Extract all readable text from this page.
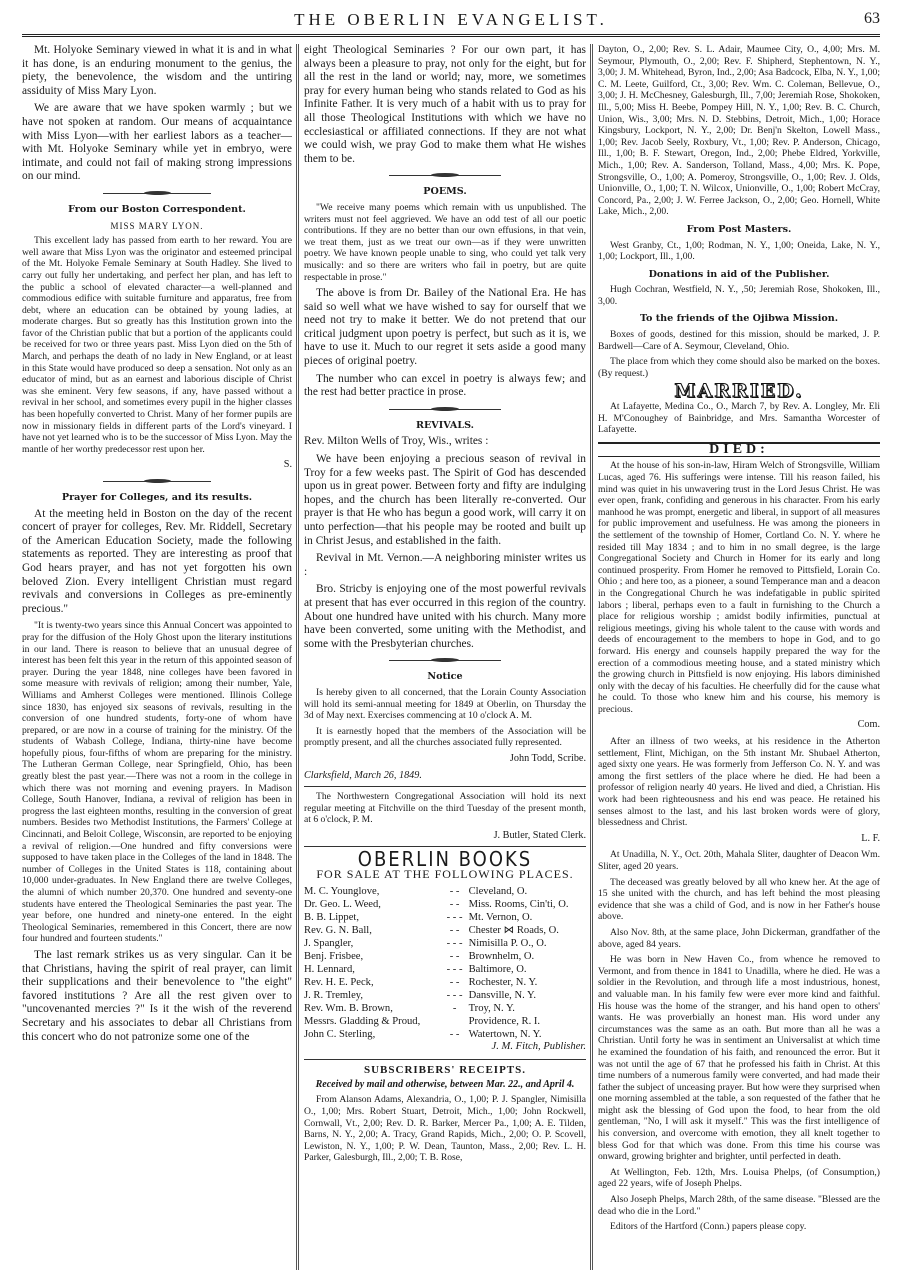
THE OBERLIN EVANGELIST.	63

Mt. Holyoke Seminary viewed in what it is and in what it has done, is an enduring monument to the genius, the piety, the benevolence, the wisdom and the untiring assiduity of Miss Mary Lyon.

We are aware that we have spoken warmly ; but we have not spoken at random. Our means of acquaintance with Miss Lyon—with her earliest labors as a teacher—with Mt. Holyoke Seminary while yet in embryo, were intimate, and could not fail of making strong impressions on our mind.

From our Boston Correspondent.
MISS MARY LYON.

This excellent lady has passed from earth to her reward. You are well aware that Miss Lyon was the originator and esteemed principal of the Mt. Holyoke Female Seminary at South Hadley. She lived to carry out fully her undertaking, and perfect her plan, and has left to the public a school of elevated character—a well-planned and commodious edifice with suitable furniture and apparatus, free from debt, where an education can be obtained by young ladies, at moderate charges. But so greatly has this Institution grown into the favor of the Christian public that but a portion of the applicants could be received for two or three years past. Miss Lyon died on the 5th of March, and perhaps the death of no lady in New England, or at least in this State would have produced so deep a sensation. Not only as an educator of mind, but as an earnest and laborious disciple of Christ was she eminent. Very few seasons, if any, have passed without a revival in her school, and sometimes every pupil in the higher classes has been hopefully converted to Christ. Many of her former pupils are now in missionary fields in different parts of the Lord's vineyard. I have not yet learned who is to be the successor of Miss Lyon. May the mantle of her worthy predecessor rest upon her.

S.
Prayer for Colleges, and its results.

At the meeting held in Boston on the day of the recent concert of prayer for colleges, Rev. Mr. Riddell, Secretary of the American Education Society, made the following statements as reported. They are interesting as proof that God hears prayer, and has not yet forgotten his own beloved Zion. Every intelligent Christian must regard revivals and conversions in Colleges as pre-eminently precious."

"It is twenty-two years since this Annual Concert was appointed to pray for the diffusion of the Holy Ghost upon the literary institutions in our land. There is reason to believe that an unusual degree of interest has been felt this year in the return of this appointed season of prayer. During the year 1848, nine colleges have been favored in some measure with revivals of religion; among their number, Yale, Williams and Amherst Colleges were mentioned. Illinois College since 1830, has enjoyed six seasons of revivals, resulting in the conversion of one hundred students, forty-one of whom have prepared, or are now in a course of training for the ministry. Of the students of Wabash College, Indiana, thirty-nine have become hopefully pious, four-fifths of whom are preparing for the ministry. The Lutheran German College, near Springfield, Ohio, has been greatly blest the past year.—There was not a room in the college in which there was not morning and evening prayers. In Madison College, South Hanover, Indiana, a revival of religion has been in progress the last eighteen months, resulting in the conversion of great numbers. Besides two Methodist Institutions, the Farmers' College at Cincinnati, and Beloit College, Wisconsin, are reported to be enjoying a revival of religion.—One hundred and fifty conversions were supposed to have taken place in the Colleges of the land in 1848. The number of Colleges in the United States is 118, containing about 10,000 under-graduates. In New England there are twelve Colleges, the alumni of which number 20,370. One hundred and seventy-one students have entered the Theological Seminaries the past year. The year before, one hundred and ninety-one entered. In the eight Theological Seminaries, remembered in this Concert, there are now four hundred and fourteen students."

The last remark strikes us as very singular. Can it be that Christians, having the spirit of real prayer, can limit their supplications and their benevolence to "the eight" favored institutions ? Are all the rest given over to "uncovenanted mercies ?" Is it the wish of the reverend Secretary and his associates to debar all Christians from this concert who do not patronize some one of the

eight Theological Seminaries ? For our own part, it has always been a pleasure to pray, not only for the eight, but for all the rest in the land or world; nay, more, we sometimes pray for every human being who stands related to God as his Infinite Father. It is very much of a habit with us to pray for all those Theological Institutions with which we have no ecclesiastical or affiliated connections. If they are not what we could wish, we pray God to make them what He wishes them to be.

POEMS.

"We receive many poems which remain with us unpublished. The writers must not feel aggrieved. We have an odd test of all our poetic contributions. If they are no better than our own effusions, in that vein, we treat them, just as we treat our own—as if they were unwritten poetry. We have known people unable to sing, who could yet talk very musically: and so there are writers who fail in poetry, but are quite respectable in prose."

The above is from Dr. Bailey of the National Era. He has said so well what we have wished to say for ourself that we need not try to make it better. We do not pretend that our critical judgment upon poetry is perfect, but such as it is, we have to use it. Much to our regret it sets aside a good many pieces of original poetry.

The number who can excel in poetry is always few; and the rest had better practice in prose.

REVIVALS.

Rev. Milton Wells of Troy, Wis., writes :

We have been enjoying a precious season of revival in Troy for a few weeks past. The Spirit of God has descended upon us in great power. Between forty and fifty are indulging hopes, and the church has been literally re-converted. Our prayer is that He who has begun a good work, will carry it on unto perfection—that his people may be rooted and built up in Christ Jesus, and established in the faith.

Revival in Mt. Vernon.—A neighboring minister writes us :

Bro. Stricby is enjoying one of the most powerful revivals at present that has ever occurred in this region of the country. About one hundred have united with his church. Many more have been converted, some uniting with the Methodist, and some with the Presbyterian churches.

Notice

Is hereby given to all concerned, that the Lorain County Association will hold its semi-annual meeting for 1849 at Oberlin, on Thursday the 3d of May next. Exercises commencing at 10 o'clock A. M.

It is earnestly hoped that the members of the Association will be promptly present, and all the churches associated fully represented.

John Todd, Scribe.

Clarksfield, March 26, 1849.

The Northwestern Congregational Association will hold its next regular meeting at Fitchville on the third Tuesday of the present month, at 6 o'clock, P. M.

J. Butler, Stated Clerk.
OBERLIN BOOKS
FOR SALE AT THE FOLLOWING PLACES.
M. C. Younglove,	- -	Cleveland, O.
Dr. Geo. L. Weed,	- -	Miss. Rooms, Cin'ti, O.
B. B. Lippet,	- - -	Mt. Vernon, O.
Rev. G. N. Ball,	- -	Chester ⋈ Roads, O.
J. Spangler,	- - -	Nimisilla P. O., O.
Benj. Frisbee,	- -	Brownhelm, O.
H. Lennard,	- - -	Baltimore, O.
Rev. H. E. Peck,	- -	Rochester, N. Y.
J. R. Tremley,	- - -	Dansville, N. Y.
Rev. Wm. B. Brown,	-	Troy, N. Y.
Messrs. Gladding & Proud,		Providence, R. I.
John C. Sterling,	- -	Watertown, N. Y.
J. M. Fitch, Publisher.
SUBSCRIBERS' RECEIPTS.
Received by mail and otherwise, between Mar. 22., and April 4.

From Alanson Adams, Alexandria, O., 1,00; P. J. Spangler, Nimisilla O., 1,00; Mrs. Robert Stuart, Detroit, Mich., 1,00; John Rockwell, Cornwall, Vt., 2,00; Rev. D. R. Barker, Mercer Pa., 1,00; A. E. Tilden, Barns, N. Y., 2,00; A. Tracy, Grand Rapids, Mich., 2,00; O. P. Scovell, Lewiston, N. Y., 1,00; P. W. Dean, Taunton, Mass., 2,00; Rev. L. H. Parker, Galesburgh, Ill., 2,00; T. B. Rose,

Dayton, O., 2,00; Rev. S. L. Adair, Maumee City, O., 4,00; Mrs. M. Seymour, Plymouth, O., 2,00; Rev. F. Shipherd, Stephentown, N. Y., 3,00; J. M. Whitehead, Byron, Ind., 2,00; Asa Badcock, Elba, N. Y., 1,00; C. M. Leete, Guilford, Ct., 3,00; Rev. Wm. C. Coleman, Bellevue, O., 3,00; J. H. McChesney, Galesburgh, Ill., 7,00; Jeremiah Rose, Shokoken, Ill., 5,00; Miss H. Beebe, Pompey Hill, N. Y., 1,00; Rev. B. C. Church, Union, Wis., 3,00; Mrs. N. D. Stebbins, Detroit, Mich., 1,00; Horace Kingsbury, Lockport, N. Y., 2,00; Dr. Benj'n Skelton, Lowell Mass., 1,00; Rev. Jacob Seely, Roxbury, Vt., 1,00; Rev. P. Anderson, Chicago, Ill., 1,00; B. F. Stewart, Oregon, Ind., 2,00; Phebe Eldred, Yorkville, Mich., 1,00; Rev. A. Sanderson, Tolland, Mass., 4,00; Mrs. K. Pope, Strongsville, O., 1,00; A. Pomeroy, Strongsville, O., 1,00; Rev. J. Olds, Unionville, O., 1,00; T. N. Wilcox, Unionville, O., 1,00; Robert McCray, Concord, Pa., 2,00; J. W. Ferree Jackson, O., 2,00; Geo. Hornell, White Lake, Mich., 2,00.

From Post Masters.

West Granby, Ct., 1,00; Rodman, N. Y., 1,00; Oneida, Lake, N. Y., 1,00; Lockport, Ill., 1,00.

Donations in aid of the Publisher.

Hugh Cochran, Westfield, N. Y., ,50; Jeremiah Rose, Shokoken, Ill., 3,00.

To the friends of the Ojibwa Mission.

Boxes of goods, destined for this mission, should be marked, J. P. Bardwell—Care of A. Seymour, Cleveland, Ohio.

The place from which they come should also be marked on the boxes. (By request.)

MARRIED.

At Lafayette, Medina Co., O., March 7, by Rev. A. Longley, Mr. Eli H. M'Conoughey of Bainbridge, and Mrs. Samantha Worcester of Lafayette.

DIED:

At the house of his son-in-law, Hiram Welch of Strongsville, William Lucas, aged 76. His sufferings were intense. Till his reason failed, his mind was quiet in his unwavering trust in the Lord Jesus Christ. He was ever open, frank, confiding and generous in his character. From his early manhood he was prompt, energetic and liberal, in support of all measures for public improvement and usefulness. He was among the pioneers in the settlement of the township of Homer, Cortland Co. N. Y. where he resided till May 1834 ; and to him in no small degree, is the large Congregational Society and Church in Homer for its early and long continued prosperity. From Homer he removed to Pittsfield, Lorain Co. Ohio ; and here too, as a pioneer, a sound Temperance man and a deacon in the Congregational Church he was indefatigable in public spirited labors ; liberal, perhaps even to a fault in furnishing to the Church a place for religious worship ; amidst bodily infirmities, punctual at religious meetings, giving his whole talent to the cause with words and deeds of encouragement to the members to hope in God, and to go forward. His energy and counsels happily prepared the way for the erection of a commodious meeting house, and a stated ministry which the growing church in Pittsfield is now enjoying. His labors diminished only with the decay of his faculties. He cheerfully did for the cause what he could. To those who knew him and his course, his memory is precious.

Com.

After an illness of two weeks, at his residence in the Atherton settlement, Flint, Michigan, on the 5th instant Mr. Shubael Atherton, aged sixty one years. He was formerly from Jefferson Co. N. Y. and was among the first settlers of the place where he died. He had been a professor of religion nearly 40 years. He lived and died, a Christian. His work had been righteousness and his end was peace. He retained his senses almost to the last, and his last broken words were of glory, blessedness and Christ.

L. F.

At Unadilla, N. Y., Oct. 20th, Mahala Sliter, daughter of Deacon Wm. Sliter, aged 20 years.

The deceased was greatly beloved by all who knew her. At the age of 15 she united with the church, and has left behind the most pleasing evidence that she was a child of God, and is now in her Father's house above.

Also Nov. 8th, at the same place, John Dickerman, grandfather of the above, aged 84 years.

He was born in New Haven Co., from whence he removed to Vermont, and from thence in 1841 to Unadilla, where he died. He was a soldier in the Revolution, and through life a most industrious, honest, and valuable man. In his family few were ever more kind and faithful. His house was the home of the stranger, and his hand open to others' wants. He was proverbially an honest man. His word under any circumstances was the same as an oath. But more than all he was a Christian. Until forty he was in sentiment an Universalist at which time he examined the foundation of his faith, and renounced the error. But it was not until the age of 67 that he professed his faith in Christ. At this time numbers of a numerous family were converted, and had made their father the subject of unceasing prayer. But how were they surprised when one morning assembled at the table, a son requested of the father that he might ask the blessing of God upon the food, to hear from the old gentleman, "No, I will ask it myself." This was the first intelligence of his conversion, and overcome with emotion, they all knelt together to bless God for that which was done. From this time his course was onward, growing brighter and brighter, until perfected in death.

At Wellington, Feb. 12th, Mrs. Louisa Phelps, (of Consumption,) aged 22 years, wife of Joseph Phelps.

Also Joseph Phelps, March 28th, of the same disease. "Blessed are the dead who die in the Lord."

Editors of the Hartford (Conn.) papers please copy.
